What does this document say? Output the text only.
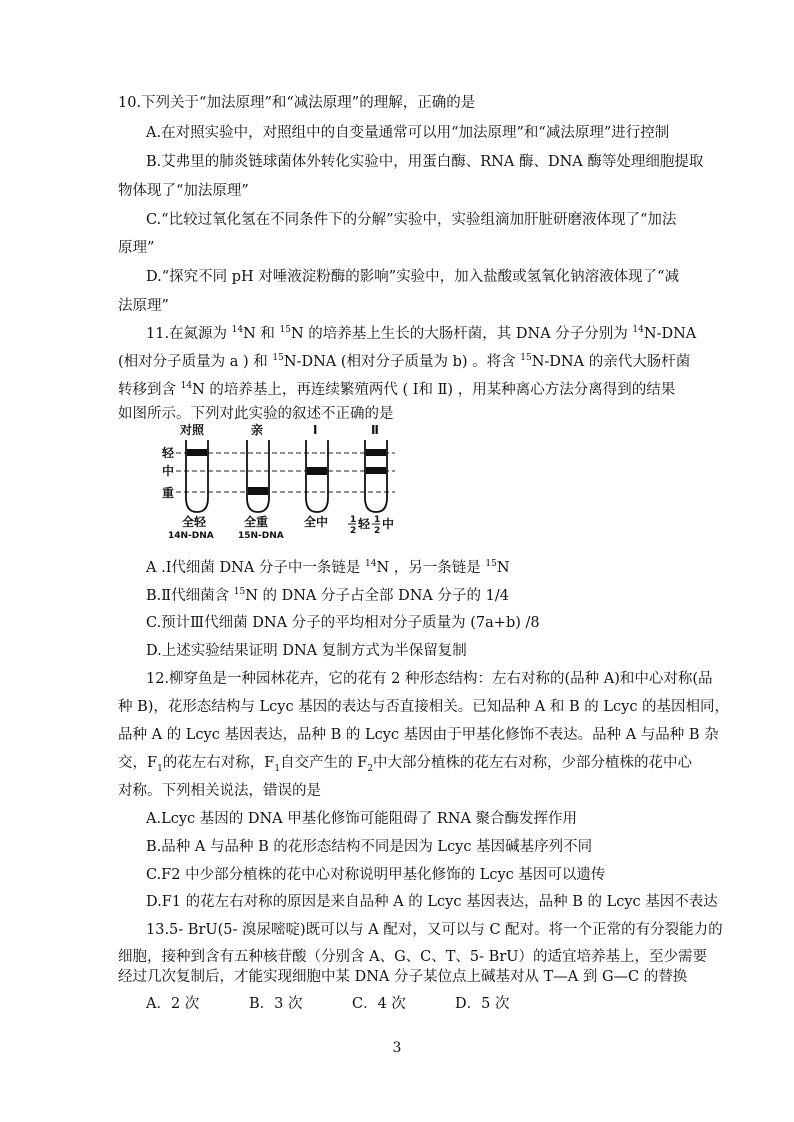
10.下列关于“加法原理”和“减法原理”的理解，正确的是
A.在对照实验中，对照组中的自变量通常可以用“加法原理”和“减法原理”进行控制
B.艾弗里的肺炎链球菌体外转化实验中，用蛋白酶、RNA 酶、DNA 酶等处理细胞提取
物体现了“加法原理”
C.“比较过氧化氢在不同条件下的分解”实验中，实验组滴加肝脏研磨液体现了“加法
原理”
D.“探究不同 pH 对唾液淀粉酶的影响”实验中，加入盐酸或氢氧化钠溶液体现了“减
法原理”
11.在氮源为 $^{14}$N 和 $^{15}$N 的培养基上生长的大肠杆菌，其 DNA 分子分别为 $^{14}$N-DNA
(相对分子质量为 a ) 和 $^{15}$N-DNA (相对分子质量为 b) 。将含 $^{15}$N-DNA 的亲代大肠杆菌
转移到含 $^{14}$N 的培养基上，再连续繁殖两代 ( Ⅰ和 Ⅱ) ，用某种离心方法分离得到的结果
如图所示。下列对此实验的叙述不正确的是
对照	亲	Ⅰ	Ⅱ
轻
中
重
全轻	全重	全中
14N-DNA	15N-DNA
1
2 轻 1
2 中
A .Ⅰ代细菌 DNA 分子中一条链是 $^{14}$N ，另一条链是 $^{15}$N
B.Ⅱ代细菌含 $^{15}$N 的 DNA 分子占全部 DNA 分子的 1/4
C.预计Ⅲ代细菌 DNA 分子的平均相对分子质量为 (7a+b) /8
D.上述实验结果证明 DNA 复制方式为半保留复制
12.柳穿鱼是一种园林花卉，它的花有 2 种形态结构：左右对称的(品种 A)和中心对称(品
种 B)，花形态结构与 Lcyc 基因的表达与否直接相关。已知品种 A 和 B 的 Lcyc 的基因相同，
品种 A 的 Lcyc 基因表达，品种 B 的 Lcyc 基因由于甲基化修饰不表达。品种 A 与品种 B 杂
交，$F_1$的花左右对称，$F_1$自交产生的 $F_2$中大部分植株的花左右对称，少部分植株的花中心
对称。下列相关说法，错误的是
A.Lcyc 基因的 DNA 甲基化修饰可能阻碍了 RNA 聚合酶发挥作用
B.品种 A 与品种 B 的花形态结构不同是因为 Lcyc 基因碱基序列不同
C.F2 中少部分植株的花中心对称说明甲基化修饰的 Lcyc 基因可以遗传
D.F1 的花左右对称的原因是来自品种 A 的 Lcyc 基因表达，品种 B 的 Lcyc 基因不表达
13.5- BrU(5- 溴尿嘧啶)既可以与 A 配对，又可以与 C 配对。将一个正常的有分裂能力的
细胞，接种到含有五种核苷酸（分别含 A、G、C、T、5- BrU）的适宜培养基上，至少需要
经过几次复制后，才能实现细胞中某 DNA 分子某位点上碱基对从 T—A 到 G—C 的替换
A．2 次	B．3 次	C．4 次	D．5 次
3
